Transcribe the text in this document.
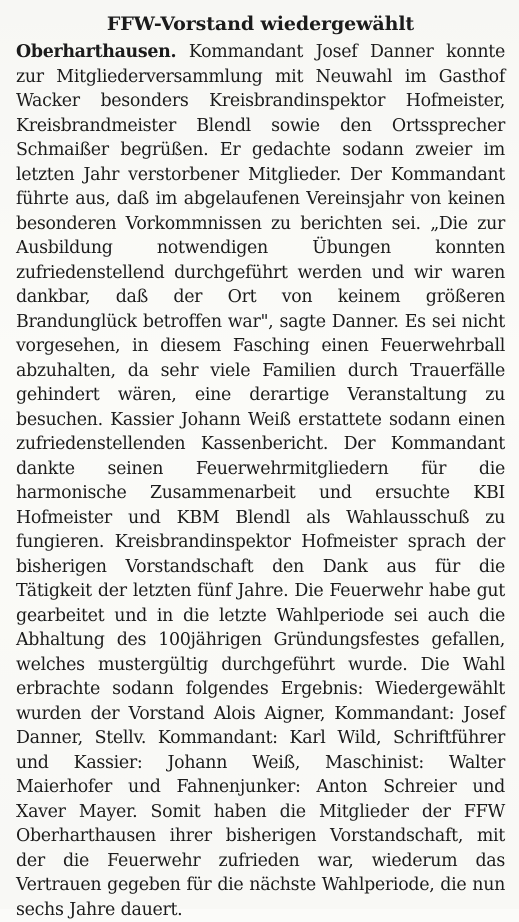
FFW-Vorstand wiedergewählt

Oberharthausen. Kommandant Josef Danner konnte zur Mitgliederversammlung mit Neuwahl im Gasthof Wacker besonders Kreisbrandinspektor Hofmeister, Kreisbrandmeister Blendl sowie den Ortssprecher Schmaißer begrüßen. Er gedachte sodann zweier im letzten Jahr verstorbener Mitglieder. Der Kommandant führte aus, daß im abgelaufenen Vereinsjahr von keinen besonderen Vorkommnissen zu berichten sei. „Die zur Ausbildung notwendigen Übungen konnten zufriedenstellend durchgeführt werden und wir waren dankbar, daß der Ort von keinem größeren Brandunglück betroffen war", sagte Danner. Es sei nicht vorgesehen, in diesem Fasching einen Feuerwehrball abzuhalten, da sehr viele Familien durch Trauerfälle gehindert wären, eine derartige Veranstaltung zu besuchen. Kassier Johann Weiß erstattete sodann einen zufriedenstellenden Kassenbericht. Der Kommandant dankte seinen Feuerwehrmitgliedern für die harmonische Zusammenarbeit und ersuchte KBI Hofmeister und KBM Blendl als Wahlausschuß zu fungieren. Kreisbrandinspektor Hofmeister sprach der bisherigen Vorstandschaft den Dank aus für die Tätigkeit der letzten fünf Jahre. Die Feuerwehr habe gut gearbeitet und in die letzte Wahlperiode sei auch die Abhaltung des 100jährigen Gründungsfestes gefallen, welches mustergültig durchgeführt wurde. Die Wahl erbrachte sodann folgendes Ergebnis: Wiedergewählt wurden der Vorstand Alois Aigner, Kommandant: Josef Danner, Stellv. Kommandant: Karl Wild, Schriftführer und Kassier: Johann Weiß, Maschinist: Walter Maierhofer und Fahnenjunker: Anton Schreier und Xaver Mayer. Somit haben die Mitglieder der FFW Oberharthausen ihrer bisherigen Vorstandschaft, mit der die Feuerwehr zufrieden war, wiederum das Vertrauen gegeben für die nächste Wahlperiode, die nun sechs Jahre dauert.
